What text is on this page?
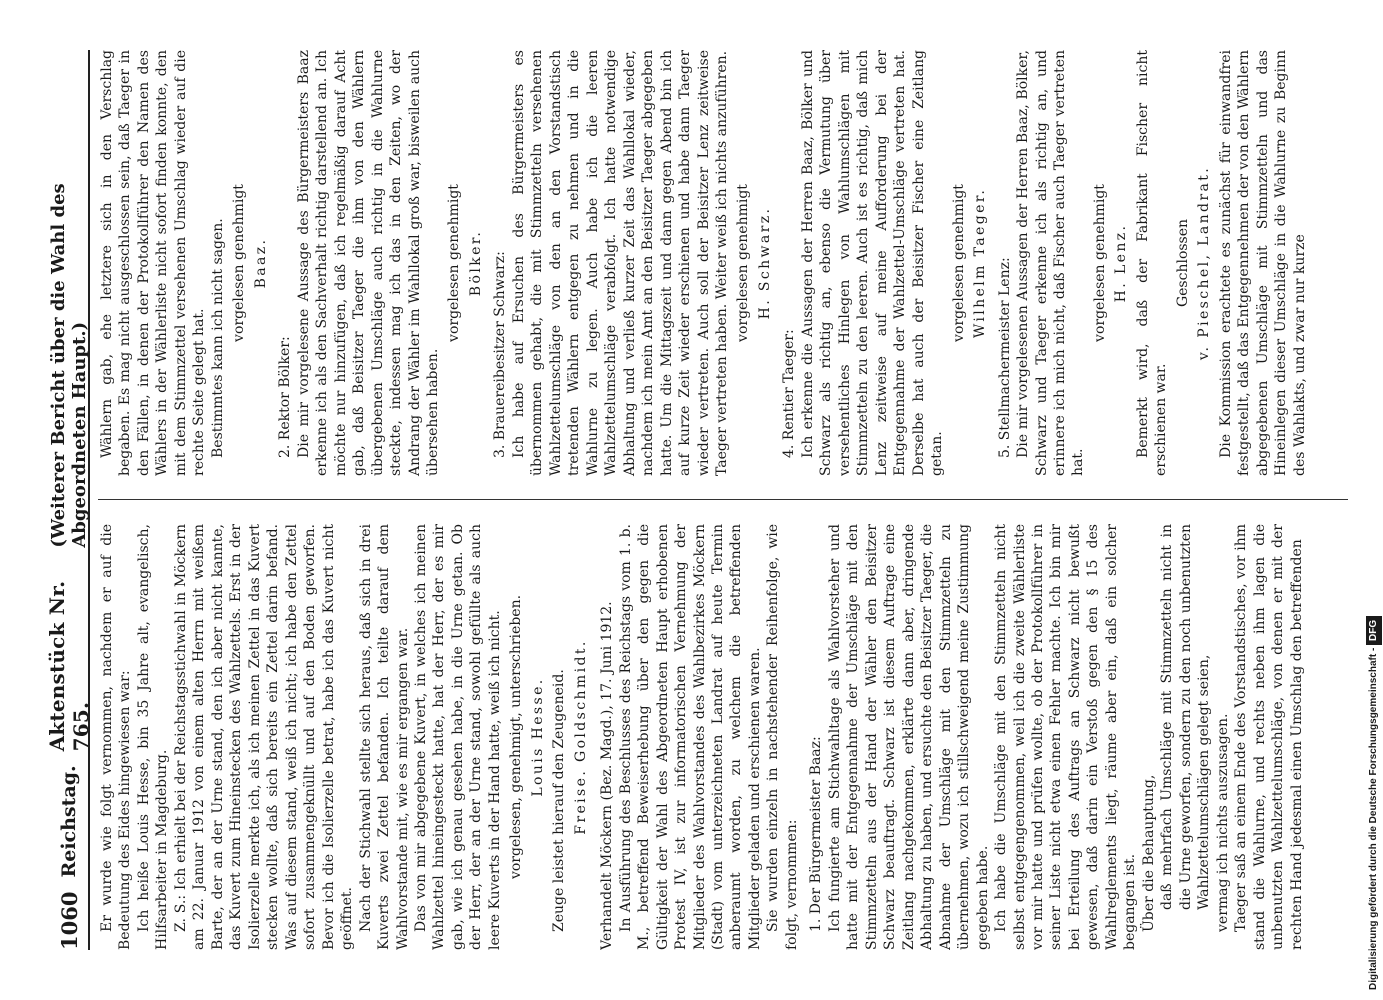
1060
Reichstag.
Aktenstück Nr. 765.
(Weiterer Bericht über die Wahl des Abgeordneten Haupt.)

Er wurde wie folgt vernommen, nachdem er auf die Bedeutung des Eides hingewiesen war: Ich heiße Louis Hesse, bin 35 Jahre alt, evangelisch, Hilfsarbeiter in Magdeburg. Z. S.: Ich erhielt bei der Reichstagsstichwahl in Möckern am 22. Januar 1912 von einem alten Herrn mit weißem Barte, der an der Urne stand, den ich aber nicht kannte, das Kuvert zum Hineinstecken des Wahlzettels. Erst in der Isolierzelle merkte ich, als ich meinen Zettel in das Kuvert stecken wollte, daß sich bereits ein Zettel darin befand. Was auf diesem stand, weiß ich nicht; ich habe den Zettel sofort zusammengeknüllt und auf den Boden geworfen. Bevor ich die Isolierzelle betrat, habe ich das Kuvert nicht geöffnet. Nach der Stichwahl stellte sich heraus, daß sich in drei Kuverts zwei Zettel befanden. Ich teilte darauf dem Wahlvorstande mit, wie es mir ergangen war. Das von mir abgegebene Kuvert, in welches ich meinen Wahlzettel hineingesteckt hatte, hat der Herr, der es mir gab, wie ich genau gesehen habe, in die Urne getan. Ob der Herr, der an der Urne stand, sowohl gefüllte als auch leere Kuverts in der Hand hatte, weiß ich nicht. vorgelesen, genehmigt, unterschrieben. Louis Hesse. Zeuge leistet hierauf den Zeugeneid. Freise. Goldschmidt. Verhandelt Möckern (Bez. Magd.), 17. Juni 1912. In Ausführung des Beschlusses des Reichstags vom 1. b. M., betreffend Beweiserhebung über den gegen die Gültigkeit der Wahl des Abgeordneten Haupt erhobenen Protest IV, ist zur informatorischen Vernehmung der Mitglieder des Wahlvorstandes des Wahlbezirkes Möckern (Stadt) vom unterzeichneten Landrat auf heute Termin anberaumt worden, zu welchem die betreffenden Mitglieder geladen und erschienen waren. Sie wurden einzeln in nachstehender Reihenfolge, wie folgt, vernommen: 1. Der Bürgermeister Baaz: Ich fungierte am Stichwahltage als Wahlvorsteher und hatte mit der Entgegennahme der Umschläge mit den Stimmzetteln aus der Hand der Wähler den Beisitzer Schwarz beauftragt. Schwarz ist diesem Auftrage eine Zeitlang nachgekommen, erklärte dann aber, dringende Abhaltung zu haben, und ersuchte den Beisitzer Taeger, die Abnahme der Umschläge mit den Stimmzetteln zu übernehmen, wozu ich stillschweigend meine Zustimmung gegeben habe. Ich habe die Umschläge mit den Stimmzetteln nicht selbst entgegengenommen, weil ich die zweite Wählerliste vor mir hatte und prüfen wollte, ob der Protokollführer in seiner Liste nicht etwa einen Fehler machte. Ich bin mir bei Erteilung des Auftrags an Schwarz nicht bewußt gewesen, daß darin ein Verstoß gegen den § 15 des Wahlreglements liegt, räume aber ein, daß ein solcher begangen ist. Über die Behauptung, daß mehrfach Umschläge mit Stimmzetteln nicht in die Urne geworfen, sondern zu den noch unbenutzten Wahlzettelumschlägen gelegt seien, vermag ich nichts auszusagen. Taeger saß an einem Ende des Vorstandstisches, vor ihm stand die Wahlurne, und rechts neben ihm lagen die unbenutzten Wahlzettelumschläge, von denen er mit der rechten Hand jedesmal einen Umschlag den betreffenden

Wählern gab, ehe letztere sich in den Verschlag begaben. Es mag nicht ausgeschlossen sein, daß Taeger in den Fällen, in denen der Protokollführer den Namen des Wählers in der Wählerliste nicht sofort finden konnte, den mit dem Stimmzettel versehenen Umschlag wieder auf die rechte Seite gelegt hat. Bestimmtes kann ich nicht sagen. vorgelesen genehmigt Baaz.

2. Rektor Bölker: Die mir vorgelesene Aussage des Bürgermeisters Baaz erkenne ich als den Sachverhalt richtig darstellend an. Ich möchte nur hinzufügen, daß ich regelmäßig darauf Acht gab, daß Beisitzer Taeger die ihm von den Wählern übergebenen Umschläge auch richtig in die Wahlurne steckte, indessen mag ich das in den Zeiten, wo der Andrang der Wähler im Wahllokal groß war, bisweilen auch übersehen haben.

vorgelesen genehmigt Bölker. 3. Brauereibesitzer Schwarz: Ich habe auf Ersuchen des Bürgermeisters es übernommen gehabt, die mit Stimmzetteln versehenen Wahlzettelumschläge von den an den Vorstandstisch tretenden Wählern entgegen zu nehmen und in die Wahlurne zu legen. Auch habe ich die leeren Wahlzettelumschläge verabfolgt. Ich hatte notwendige Abhaltung und verließ kurzer Zeit das Wahllokal wieder, nachdem ich mein Amt an den Beisitzer Taeger abgegeben hatte. Um die Mittagszeit und dann gegen Abend bin ich auf kurze Zeit wieder erschienen und habe dann Taeger wieder vertreten. Auch soll der Beisitzer Lenz zeitweise Taeger vertreten haben. Weiter weiß ich nichts anzuführen. vorgelesen genehmigt H. Schwarz.

4. Rentier Taeger: Ich erkenne die Aussagen der Herren Baaz, Bölker und Schwarz als richtig an, ebenso die Vermutung über versehentliches Hinlegen von Wahlumschlägen mit Stimmzetteln zu den leeren. Auch ist es richtig, daß mich Lenz zeitweise auf meine Aufforderung bei der Entgegennahme der Wahlzettel-Umschläge vertreten hat. Derselbe hat auch der Beisitzer Fischer eine Zeitlang getan.

vorgelesen genehmigt Wilhelm Taeger. 5. Stellmachermeister Lenz: Die mir vorgelesenen Aussagen der Herren Baaz, Bölker, Schwarz und Taeger erkenne ich als richtig an, und erinnere ich mich nicht, daß Fischer auch Taeger vertreten hat.

vorgelesen genehmigt H. Lenz. Bemerkt wird, daß der Fabrikant Fischer nicht erschienen war.

Geschlossen v. Pieschel, Landrat. Die Kommission erachtete es zunächst für einwandfrei festgestellt, daß das Entgegennehmen der von den Wählern abgegebenen Umschläge mit Stimmzetteln und das Hineinlegen dieser Umschläge in die Wahlurne zu Beginn des Wahlakts, und zwar nur kurze

Digitalisierung gefördert durch die Deutsche Forschungsgemeinschaft - DFG
